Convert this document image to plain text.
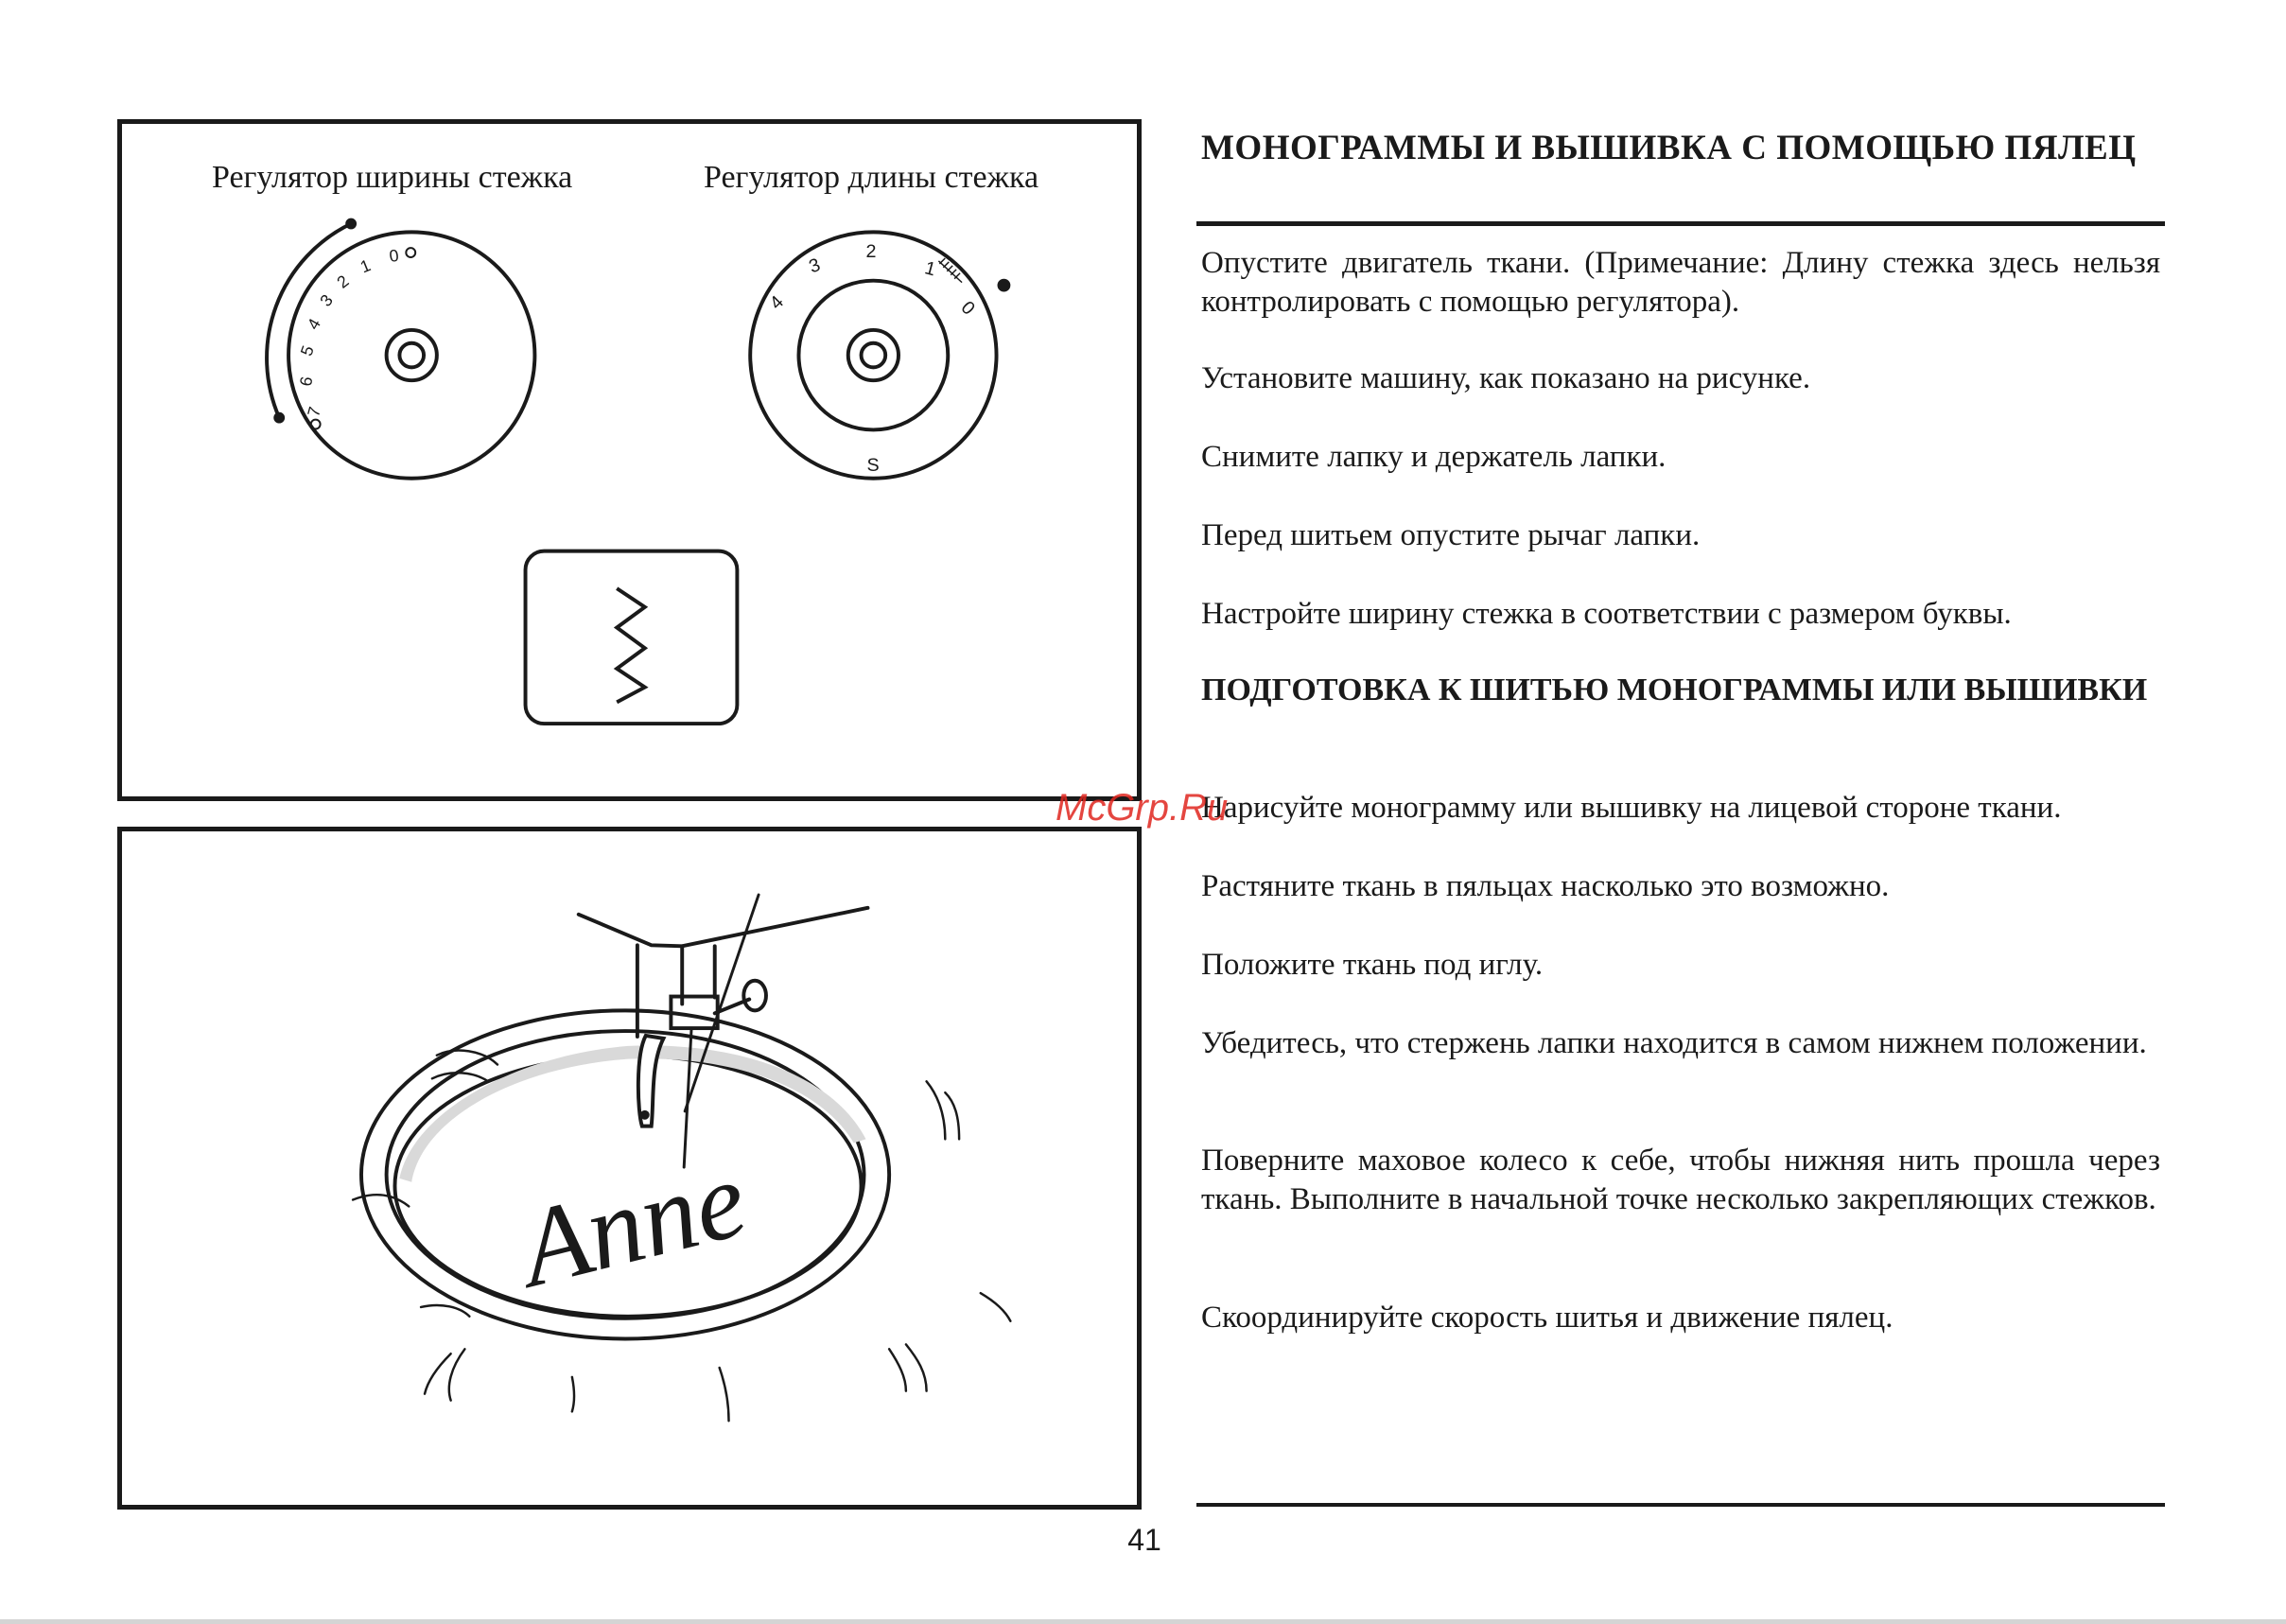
Регулятор ширины стежка	Регулятор длины стежка
7
6
5
4
3
2
1 0
4
3
2
1
0
S
Anne
МОНОГРАММЫ И ВЫШИВКА С ПОМОЩЬЮ ПЯЛЕЦ
Опустите двигатель ткани. (Примечание: Длину стежка здесь нельзя контролировать с помощью регулятора).
Установите машину, как показано на рисунке.
Снимите лапку и держатель лапки.
Перед шитьем опустите рычаг лапки.
Настройте ширину стежка в соответствии с размером буквы.
ПОДГОТОВКА К ШИТЬЮ МОНОГРАММЫ ИЛИ ВЫШИВКИ
Нарисуйте монограмму или вышивку на лицевой стороне ткани.
Растяните ткань в пяльцах насколько это возможно.
Положите ткань под иглу.
Убедитесь, что стержень лапки находится в самом нижнем положении.
Поверните маховое колесо к себе, чтобы нижняя нить прошла через ткань. Выполните в начальной точке несколько закрепляющих стежков.
Скоординируйте скорость шитья и движение пялец.
McGrp.Ru
41
